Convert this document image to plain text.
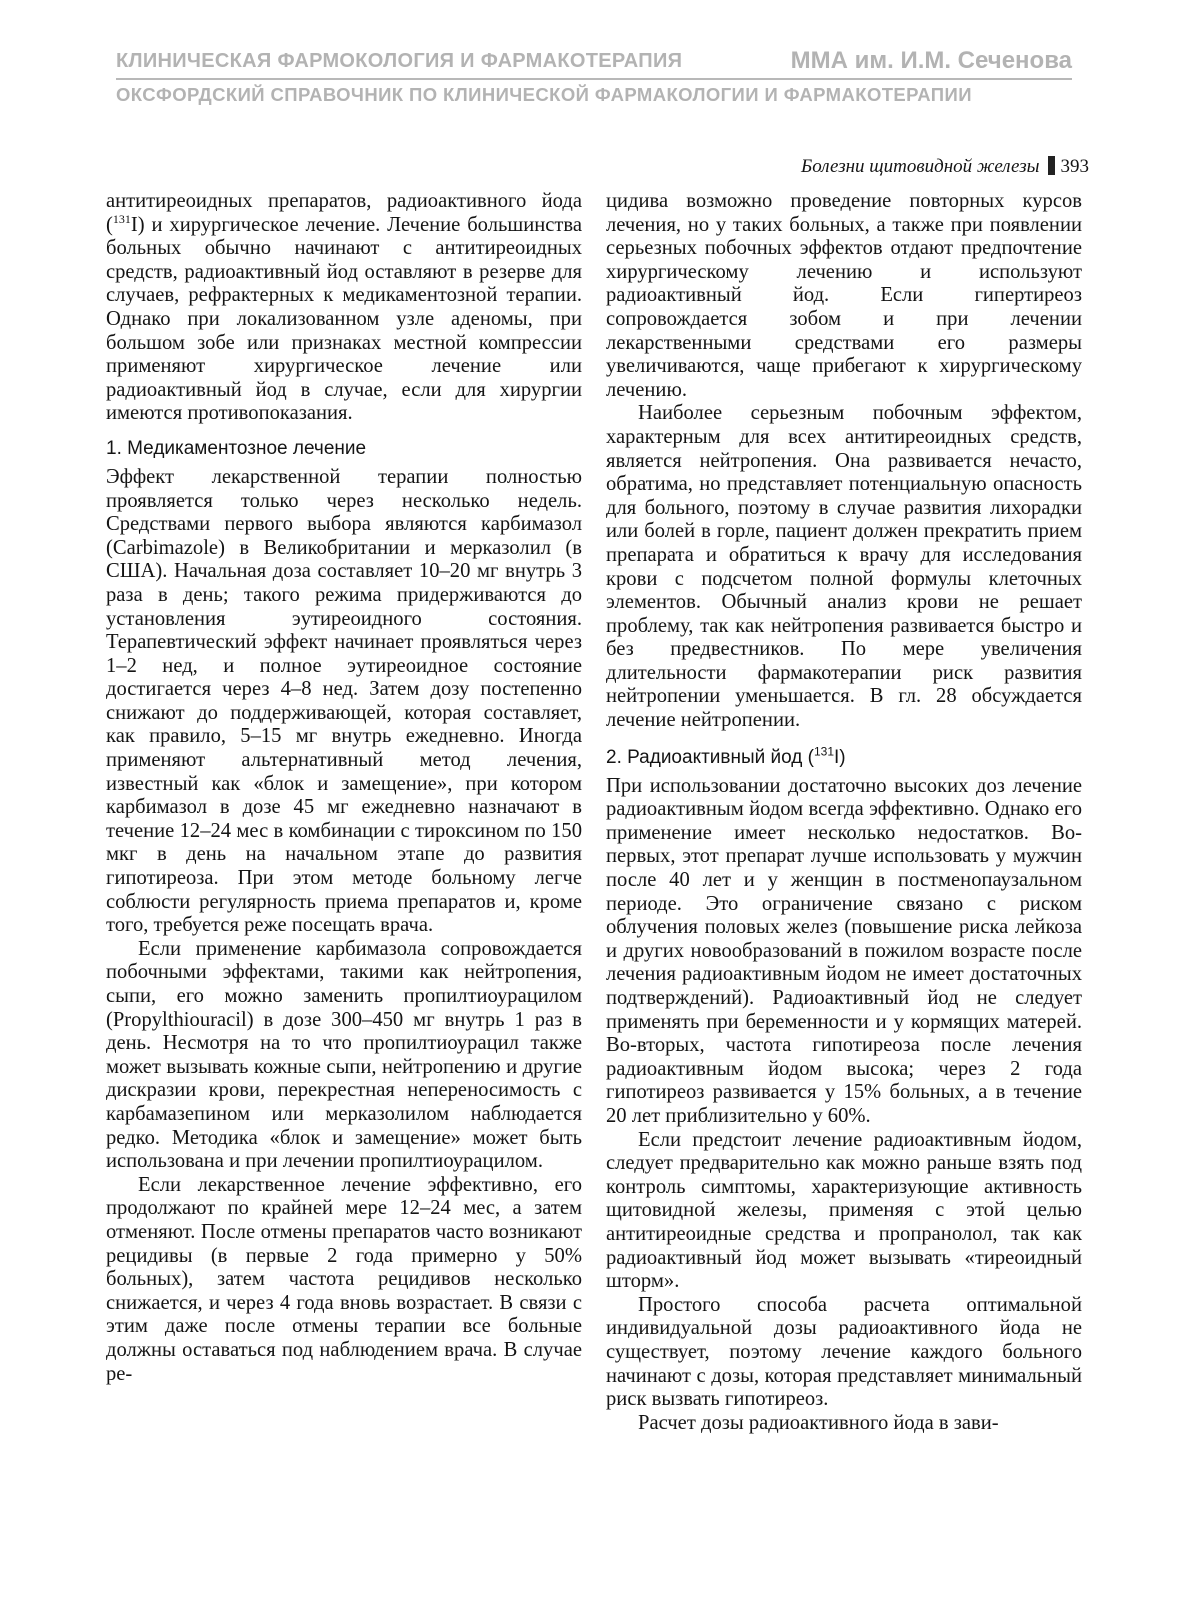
КЛИНИЧЕСКАЯ ФАРМОКОЛОГИЯ И ФАРМАКОТЕРАПИЯ	ММА им. И.М. Сеченова
ОКСФОРДСКИЙ СПРАВОЧНИК ПО КЛИНИЧЕСКОЙ ФАРМАКОЛОГИИ И ФАРМАКОТЕРАПИИ
Болезни щитовидной железы 393

антитиреоидных препаратов, радиоактивного йода ($^{131}$I) и хирургическое лечение. Лечение большинства больных обычно начинают с антитиреоидных средств, радиоактивный йод оставляют в резерве для случаев, рефрактерных к медикаментозной терапии. Однако при локализованном узле аденомы, при большом зобе или признаках местной компрессии применяют хирургическое лечение или радиоактивный йод в случае, если для хирургии имеются противопоказания.

1. Медикаментозное лечение

Эффект лекарственной терапии полностью проявляется только через несколько недель. Средствами первого выбора являются карбимазол (Carbimazole) в Великобритании и мерказолил (в США). Начальная доза составляет 10–20 мг внутрь 3 раза в день; такого режима придерживаются до установления эутиреоидного состояния. Терапевтический эффект начинает проявляться через 1–2 нед, и полное эутиреоидное состояние достигается через 4–8 нед. Затем дозу постепенно снижают до поддерживающей, которая составляет, как правило, 5–15 мг внутрь ежедневно. Иногда применяют альтернативный метод лечения, известный как «блок и замещение», при котором карбимазол в дозе 45 мг ежедневно назначают в течение 12–24 мес в комбинации с тироксином по 150 мкг в день на начальном этапе до развития гипотиреоза. При этом методе больному легче соблюсти регулярность приема препаратов и, кроме того, требуется реже посещать врача.

Если применение карбимазола сопровождается побочными эффектами, такими как нейтропения, сыпи, его можно заменить пропилтиоурацилом (Propylthiouracil) в дозе 300–450 мг внутрь 1 раз в день. Несмотря на то что пропилтиоурацил также может вызывать кожные сыпи, нейтропению и другие дискразии крови, перекрестная непереносимость с карбамазепином или мерказолилом наблюдается редко. Методика «блок и замещение» может быть использована и при лечении пропилтиоурацилом.

Если лекарственное лечение эффективно, его продолжают по крайней мере 12–24 мес, а затем отменяют. После отмены препаратов часто возникают рецидивы (в первые 2 года примерно у 50% больных), затем частота рецидивов несколько снижается, и через 4 года вновь возрастает. В связи с этим даже после отмены терапии все больные должны оставаться под наблюдением врача. В случае ре-

цидива возможно проведение повторных курсов лечения, но у таких больных, а также при появлении серьезных побочных эффектов отдают предпочтение хирургическому лечению и используют радиоактивный йод. Если гипертиреоз сопровождается зобом и при лечении лекарственными средствами его размеры увеличиваются, чаще прибегают к хирургическому лечению.

Наиболее серьезным побочным эффектом, характерным для всех антитиреоидных средств, является нейтропения. Она развивается нечасто, обратима, но представляет потенциальную опасность для больного, поэтому в случае развития лихорадки или болей в горле, пациент должен прекратить прием препарата и обратиться к врачу для исследования крови с подсчетом полной формулы клеточных элементов. Обычный анализ крови не решает проблему, так как нейтропения развивается быстро и без предвестников. По мере увеличения длительности фармакотерапии риск развития нейтропении уменьшается. В гл. 28 обсуждается лечение нейтропении.

2. Радиоактивный йод ($^{131}$I)

При использовании достаточно высоких доз лечение радиоактивным йодом всегда эффективно. Однако его применение имеет несколько недостатков. Во-первых, этот препарат лучше использовать у мужчин после 40 лет и у женщин в постменопаузальном периоде. Это ограничение связано с риском облучения половых желез (повышение риска лейкоза и других новообразований в пожилом возрасте после лечения радиоактивным йодом не имеет достаточных подтверждений). Радиоактивный йод не следует применять при беременности и у кормящих матерей. Во-вторых, частота гипотиреоза после лечения радиоактивным йодом высока; через 2 года гипотиреоз развивается у 15% больных, а в течение 20 лет приблизительно у 60%.

Если предстоит лечение радиоактивным йодом, следует предварительно как можно раньше взять под контроль симптомы, характеризующие активность щитовидной железы, применяя с этой целью антитиреоидные средства и пропранолол, так как радиоактивный йод может вызывать «тиреоидный шторм».

Простого способа расчета оптимальной индивидуальной дозы радиоактивного йода не существует, поэтому лечение каждого больного начинают с дозы, которая представляет минимальный риск вызвать гипотиреоз.

Расчет дозы радиоактивного йода в зави-
